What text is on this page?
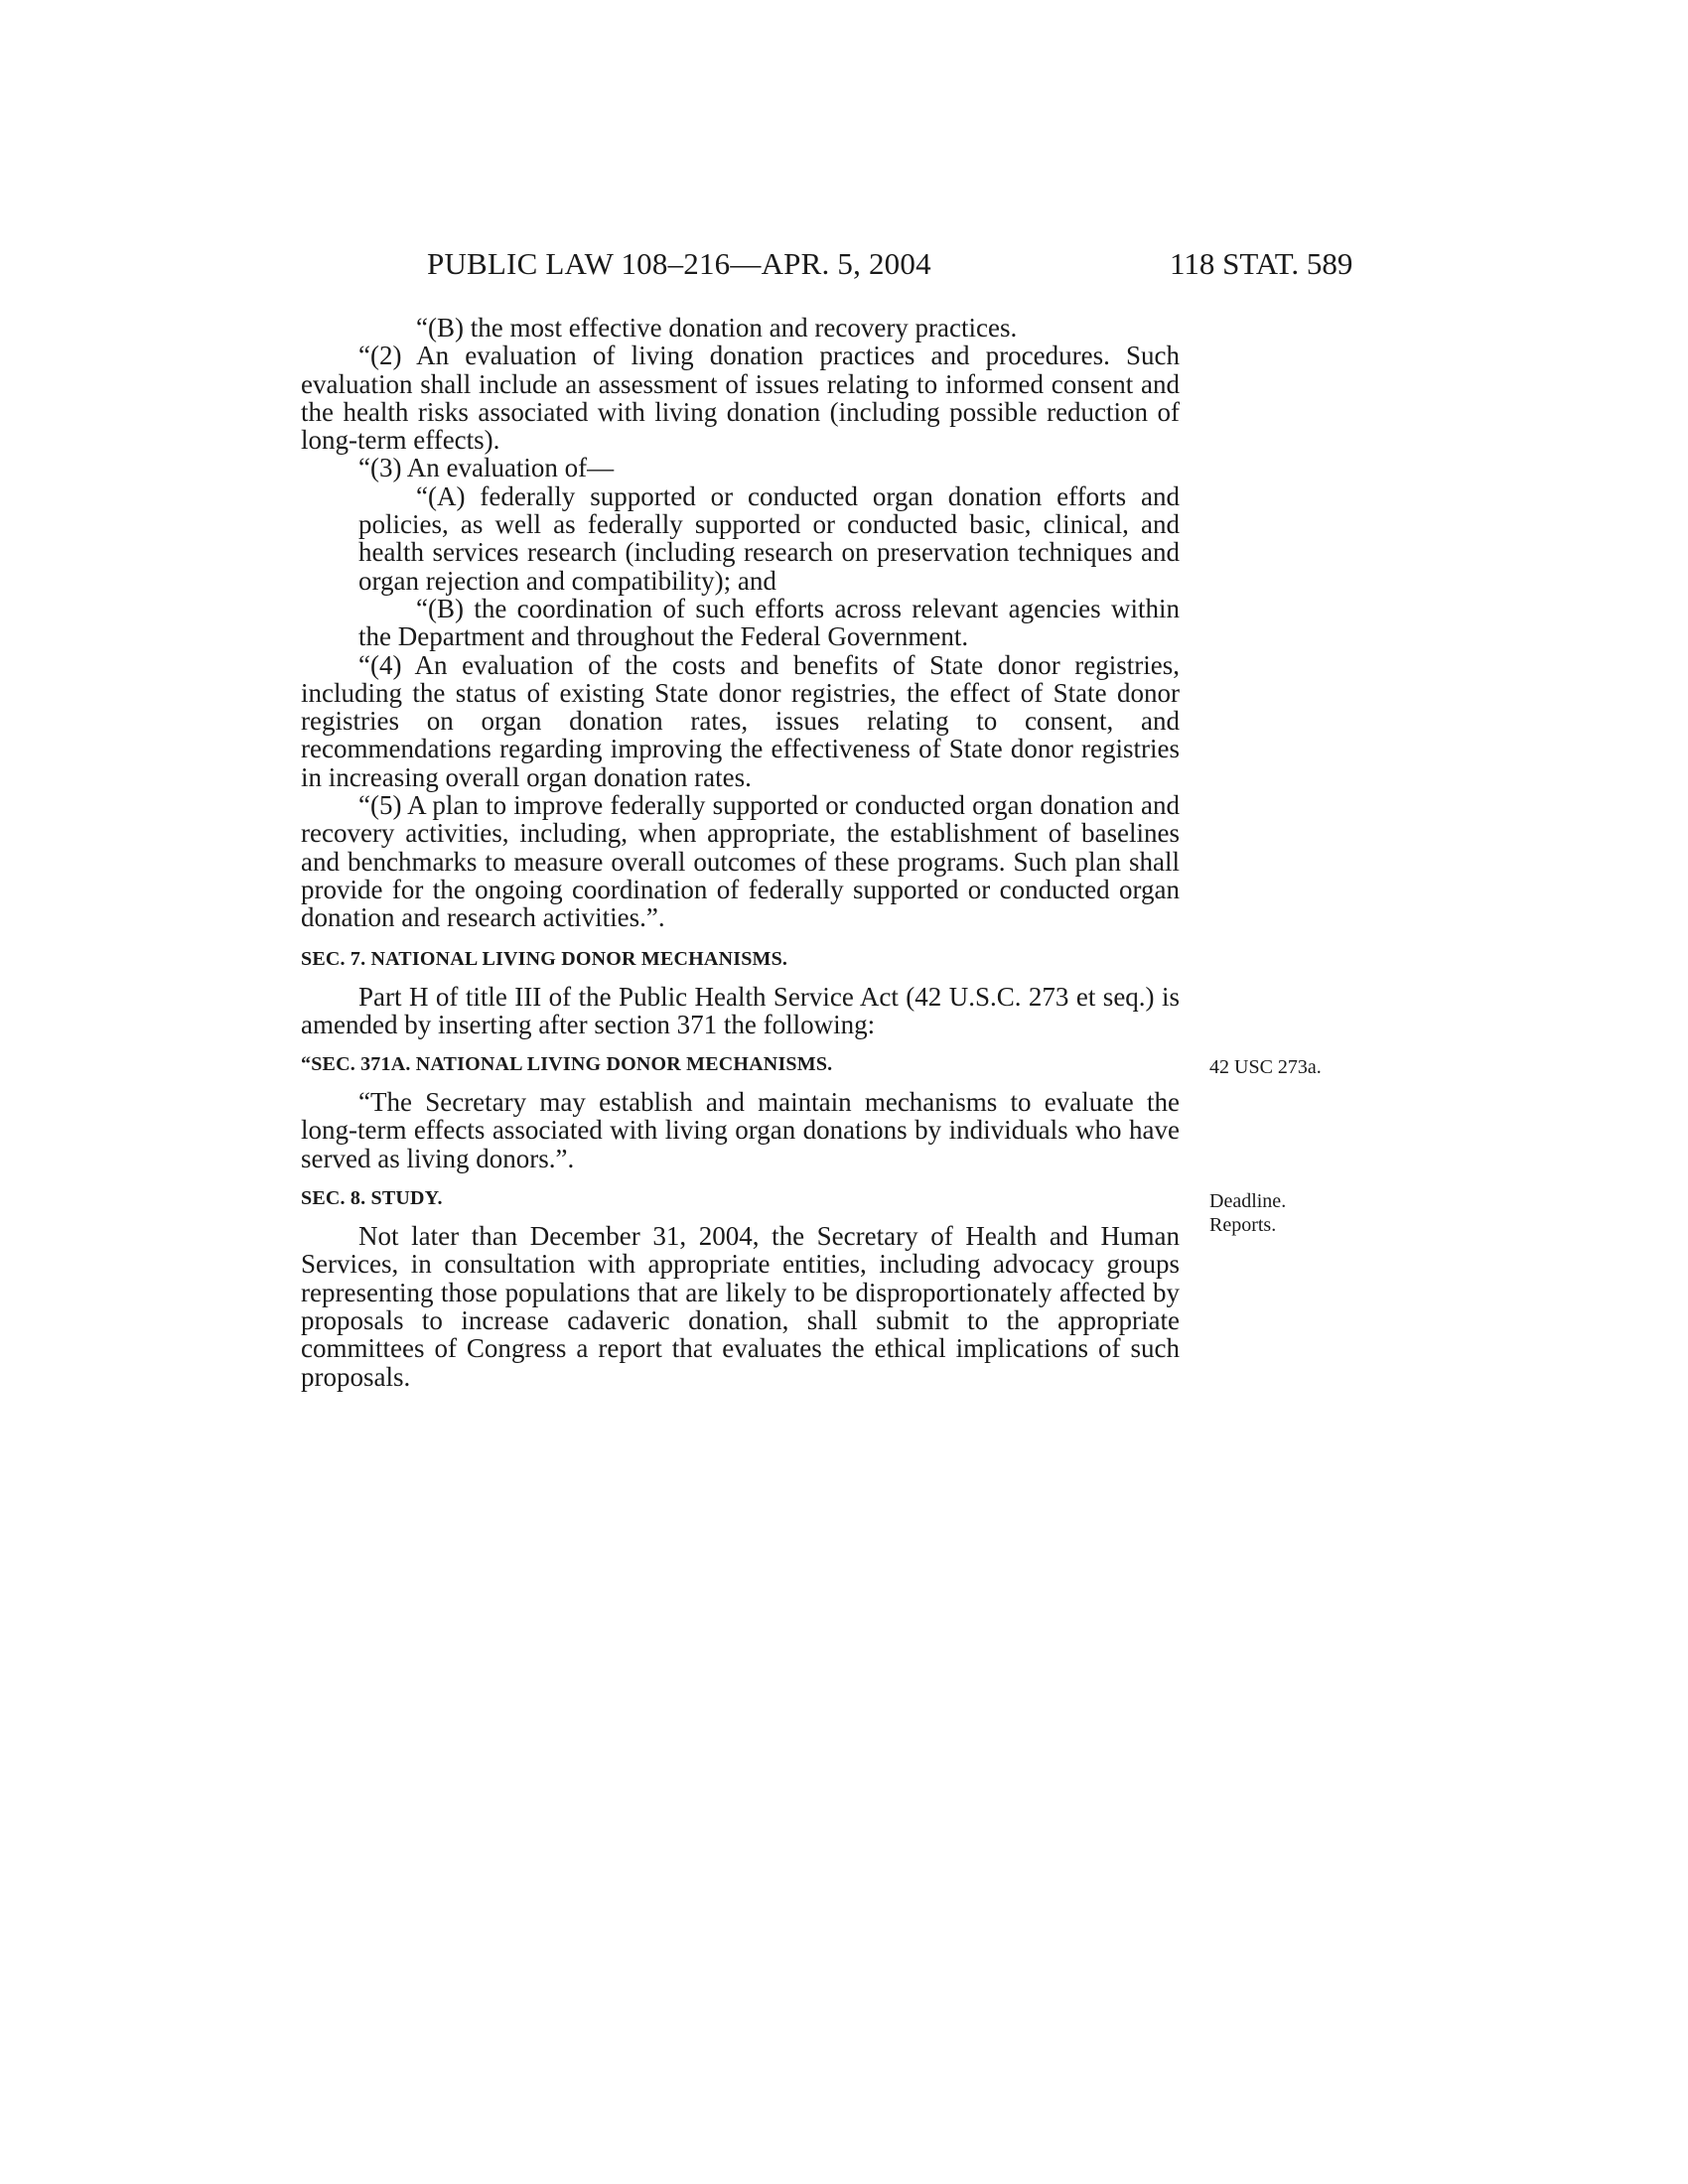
PUBLIC LAW 108–216—APR. 5, 2004	118 STAT. 589

“(B) the most effective donation and recovery practices.

“(2) An evaluation of living donation practices and procedures. Such evaluation shall include an assessment of issues relating to informed consent and the health risks associated with living donation (including possible reduction of long-term effects).

“(3) An evaluation of—

“(A) federally supported or conducted organ donation efforts and policies, as well as federally supported or conducted basic, clinical, and health services research (including research on preservation techniques and organ rejection and compatibility); and

“(B) the coordination of such efforts across relevant agencies within the Department and throughout the Federal Government.

“(4) An evaluation of the costs and benefits of State donor registries, including the status of existing State donor registries, the effect of State donor registries on organ donation rates, issues relating to consent, and recommendations regarding improving the effectiveness of State donor registries in increasing overall organ donation rates.

“(5) A plan to improve federally supported or conducted organ donation and recovery activities, including, when appropriate, the establishment of baselines and benchmarks to measure overall outcomes of these programs. Such plan shall provide for the ongoing coordination of federally supported or conducted organ donation and research activities.”.

SEC. 7. NATIONAL LIVING DONOR MECHANISMS.

Part H of title III of the Public Health Service Act (42 U.S.C. 273 et seq.) is amended by inserting after section 371 the following:

“SEC. 371A. NATIONAL LIVING DONOR MECHANISMS.	42 USC 273a.

“The Secretary may establish and maintain mechanisms to evaluate the long-term effects associated with living organ donations by individuals who have served as living donors.”.

SEC. 8. STUDY.	Deadline.
Reports.

Not later than December 31, 2004, the Secretary of Health and Human Services, in consultation with appropriate entities, including advocacy groups representing those populations that are likely to be disproportionately affected by proposals to increase cadaveric donation, shall submit to the appropriate committees of Congress a report that evaluates the ethical implications of such proposals.
